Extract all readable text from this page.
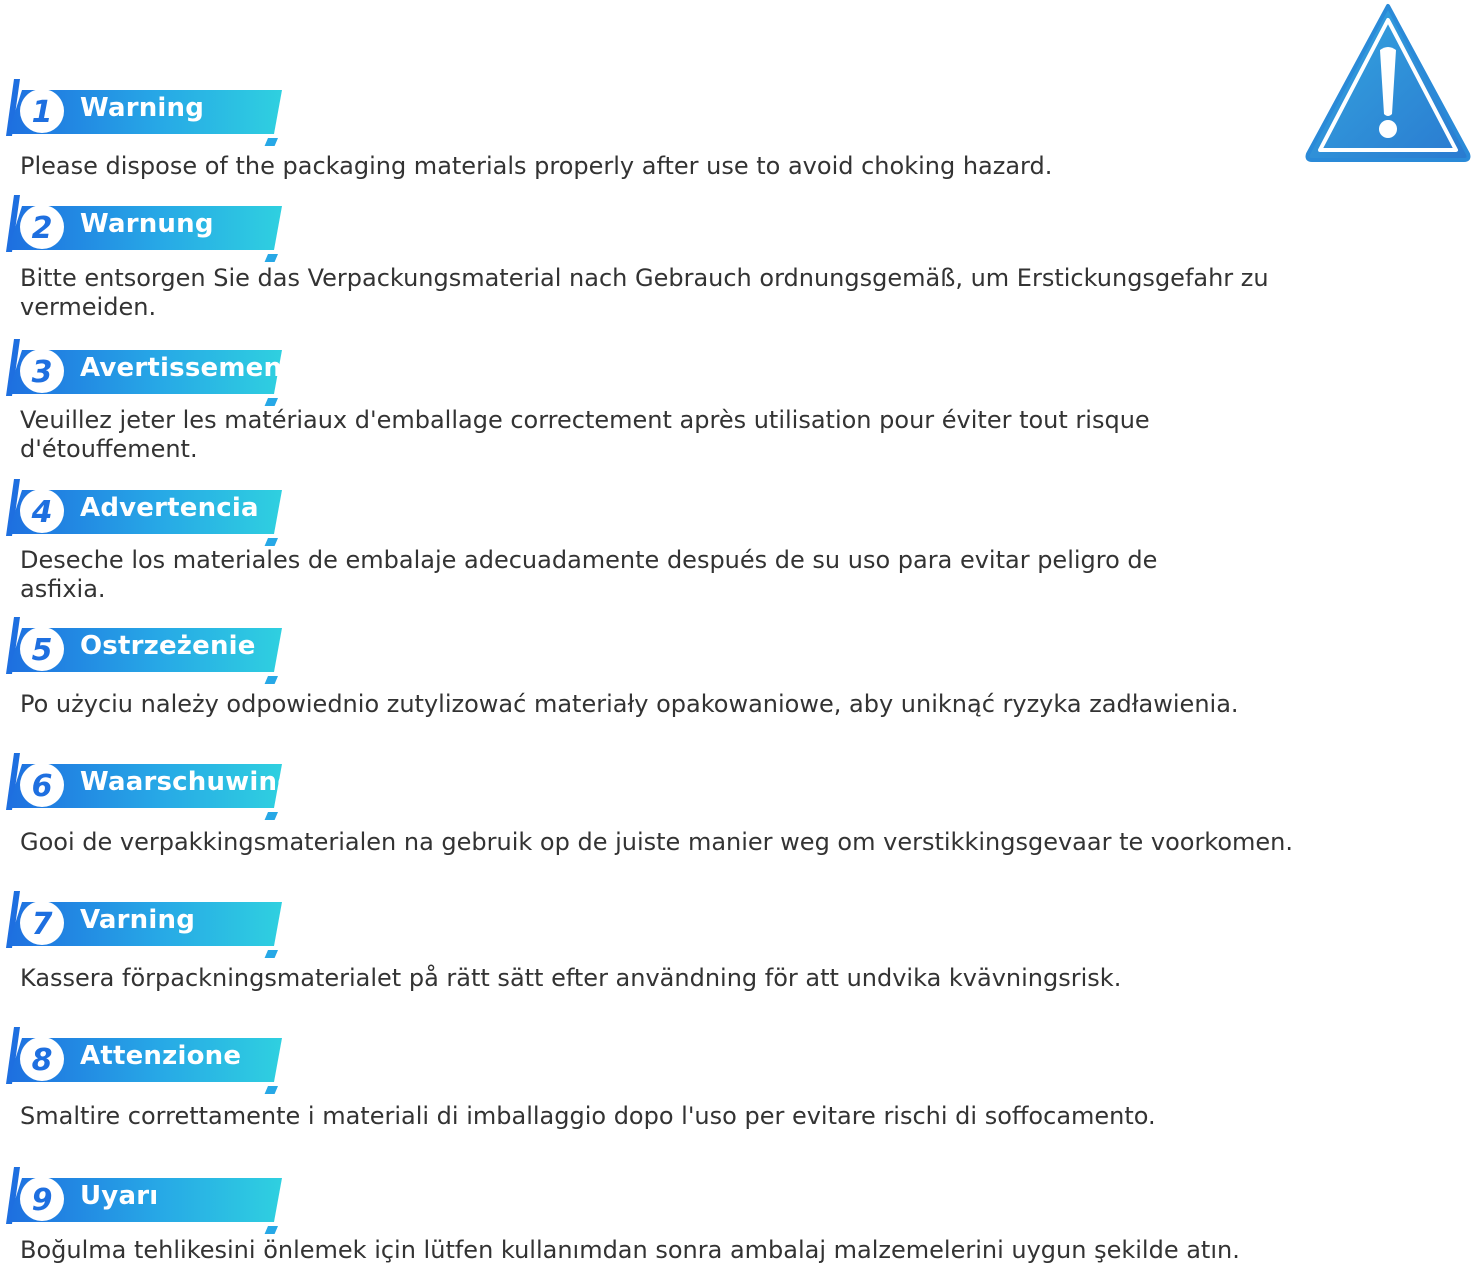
1 Warning
Please dispose of the packaging materials properly after use to avoid choking hazard.
2 Warnung
Bitte entsorgen Sie das Verpackungsmaterial nach Gebrauch ordnungsgemäß, um Erstickungsgefahr zu
vermeiden.
3 Avertissement
Veuillez jeter les matériaux d'emballage correctement après utilisation pour éviter tout risque
d'étouffement.
4 Advertencia
Deseche los materiales de embalaje adecuadamente después de su uso para evitar peligro de
asfixia.
5 Ostrzeżenie
Po użyciu należy odpowiednio zutylizować materiały opakowaniowe, aby uniknąć ryzyka zadławienia.
6 Waarschuwing
Gooi de verpakkingsmaterialen na gebruik op de juiste manier weg om verstikkingsgevaar te voorkomen.
7 Varning
Kassera förpackningsmaterialet på rätt sätt efter användning för att undvika kvävningsrisk.
8 Attenzione
Smaltire correttamente i materiali di imballaggio dopo l'uso per evitare rischi di soffocamento.
9 Uyarı
Boğulma tehlikesini önlemek için lütfen kullanımdan sonra ambalaj malzemelerini uygun şekilde atın.
